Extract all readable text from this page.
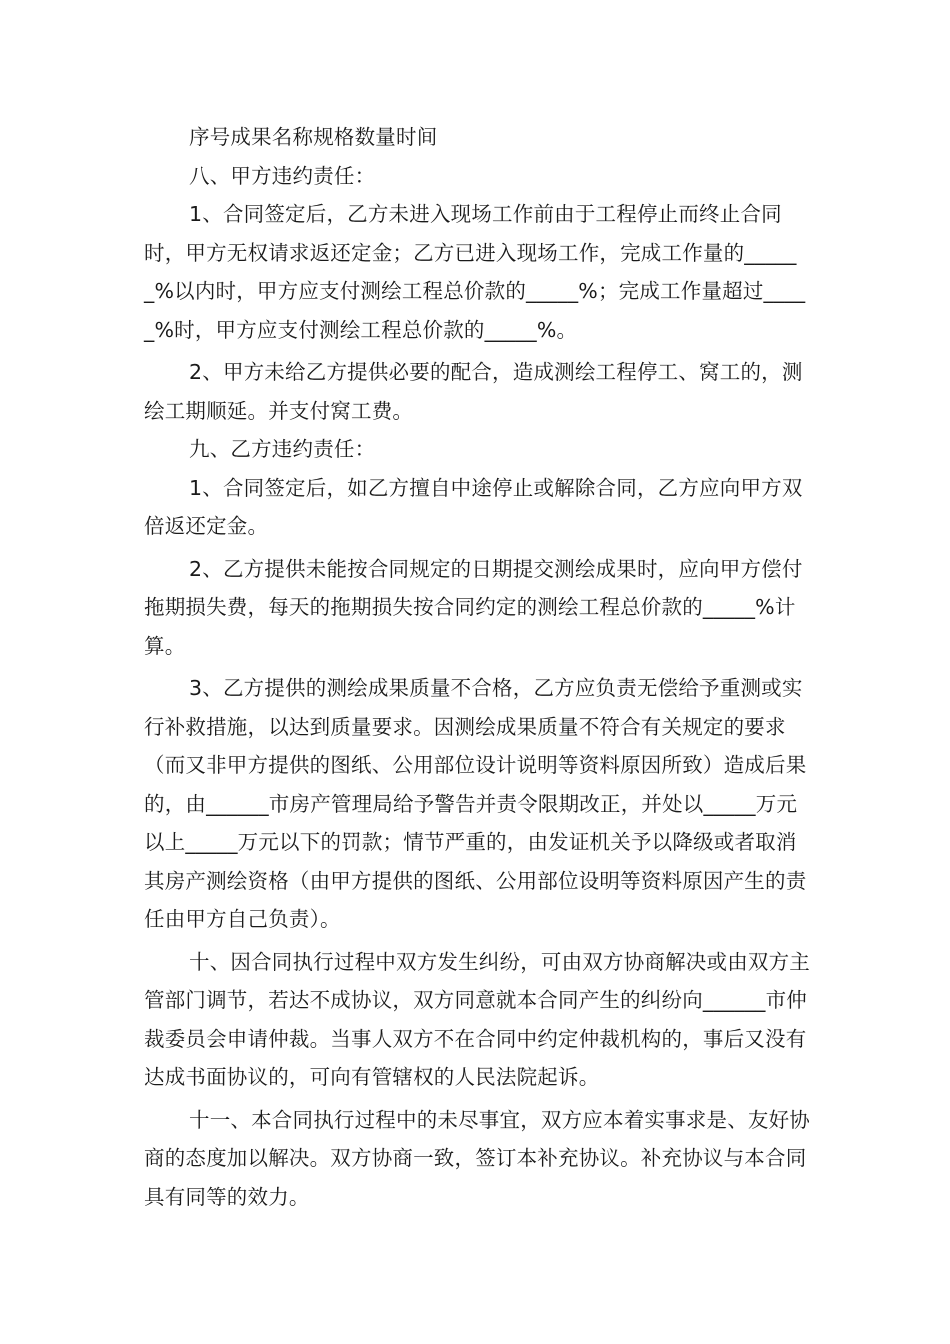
序号成果名称规格数量时间

八、甲方违约责任：

1、合同签定后，乙方未进入现场工作前由于工程停止而终止合同时，甲方无权请求返还定金；乙方已进入现场工作，完成工作量的______%以内时，甲方应支付测绘工程总价款的_____%；完成工作量超过_____%时，甲方应支付测绘工程总价款的_____%。

2、甲方未给乙方提供必要的配合，造成测绘工程停工、窝工的，测绘工期顺延。并支付窝工费。

九、乙方违约责任：

1、合同签定后，如乙方擅自中途停止或解除合同，乙方应向甲方双倍返还定金。

2、乙方提供未能按合同规定的日期提交测绘成果时，应向甲方偿付拖期损失费，每天的拖期损失按合同约定的测绘工程总价款的_____%计算。

3、乙方提供的测绘成果质量不合格，乙方应负责无偿给予重测或实行补救措施，以达到质量要求。因测绘成果质量不符合有关规定的要求（而又非甲方提供的图纸、公用部位设计说明等资料原因所致）造成后果的，由______市房产管理局给予警告并责令限期改正，并处以_____万元以上_____万元以下的罚款；情节严重的，由发证机关予以降级或者取消其房产测绘资格（由甲方提供的图纸、公用部位设明等资料原因产生的责任由甲方自己负责）。

十、因合同执行过程中双方发生纠纷，可由双方协商解决或由双方主管部门调节，若达不成协议，双方同意就本合同产生的纠纷向______市仲裁委员会申请仲裁。当事人双方不在合同中约定仲裁机构的，事后又没有达成书面协议的，可向有管辖权的人民法院起诉。

十一、本合同执行过程中的未尽事宜，双方应本着实事求是、友好协商的态度加以解决。双方协商一致，签订本补充协议。补充协议与本合同具有同等的效力。
